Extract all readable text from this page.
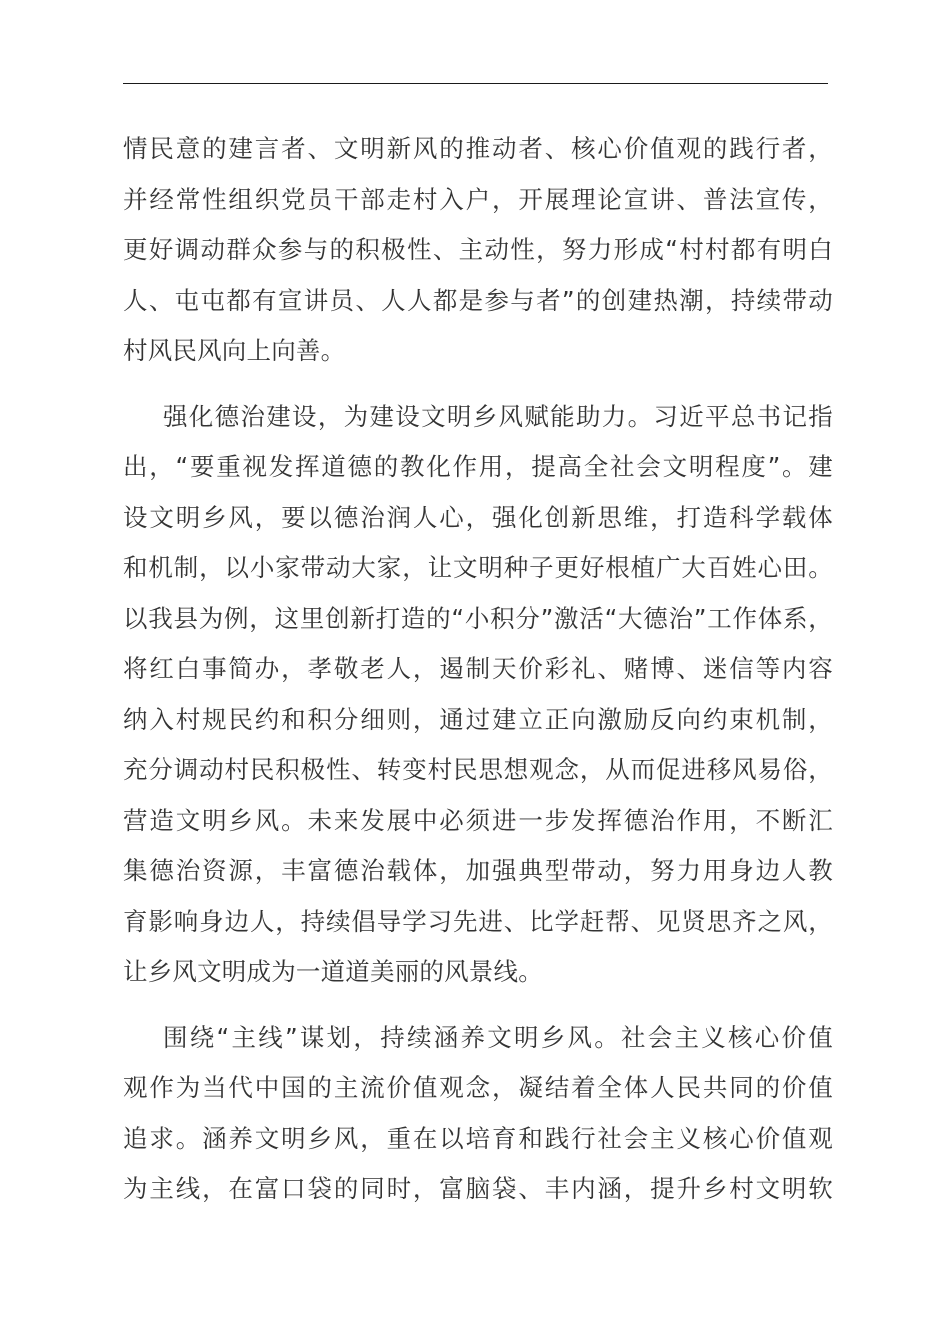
情民意的建言者、文明新风的推动者、核心价值观的践行者，
并经常性组织党员干部走村入户，开展理论宣讲、普法宣传，
更好调动群众参与的积极性、主动性，努力形成“村村都有明白
人、屯屯都有宣讲员、人人都是参与者”的创建热潮，持续带动
村风民风向上向善。
强化德治建设，为建设文明乡风赋能助力。习近平总书记指
出，“要重视发挥道德的教化作用，提高全社会文明程度”。建
设文明乡风，要以德治润人心，强化创新思维，打造科学载体
和机制，以小家带动大家，让文明种子更好根植广大百姓心田。
以我县为例，这里创新打造的“小积分”激活“大德治”工作体系，
将红白事简办，孝敬老人，遏制天价彩礼、赌博、迷信等内容
纳入村规民约和积分细则，通过建立正向激励反向约束机制，
充分调动村民积极性、转变村民思想观念，从而促进移风易俗，
营造文明乡风。未来发展中必须进一步发挥德治作用，不断汇
集德治资源，丰富德治载体，加强典型带动，努力用身边人教
育影响身边人，持续倡导学习先进、比学赶帮、见贤思齐之风，
让乡风文明成为一道道美丽的风景线。
围绕“主线”谋划，持续涵养文明乡风。社会主义核心价值
观作为当代中国的主流价值观念，凝结着全体人民共同的价值
追求。涵养文明乡风，重在以培育和践行社会主义核心价值观
为主线，在富口袋的同时，富脑袋、丰内涵，提升乡村文明软
